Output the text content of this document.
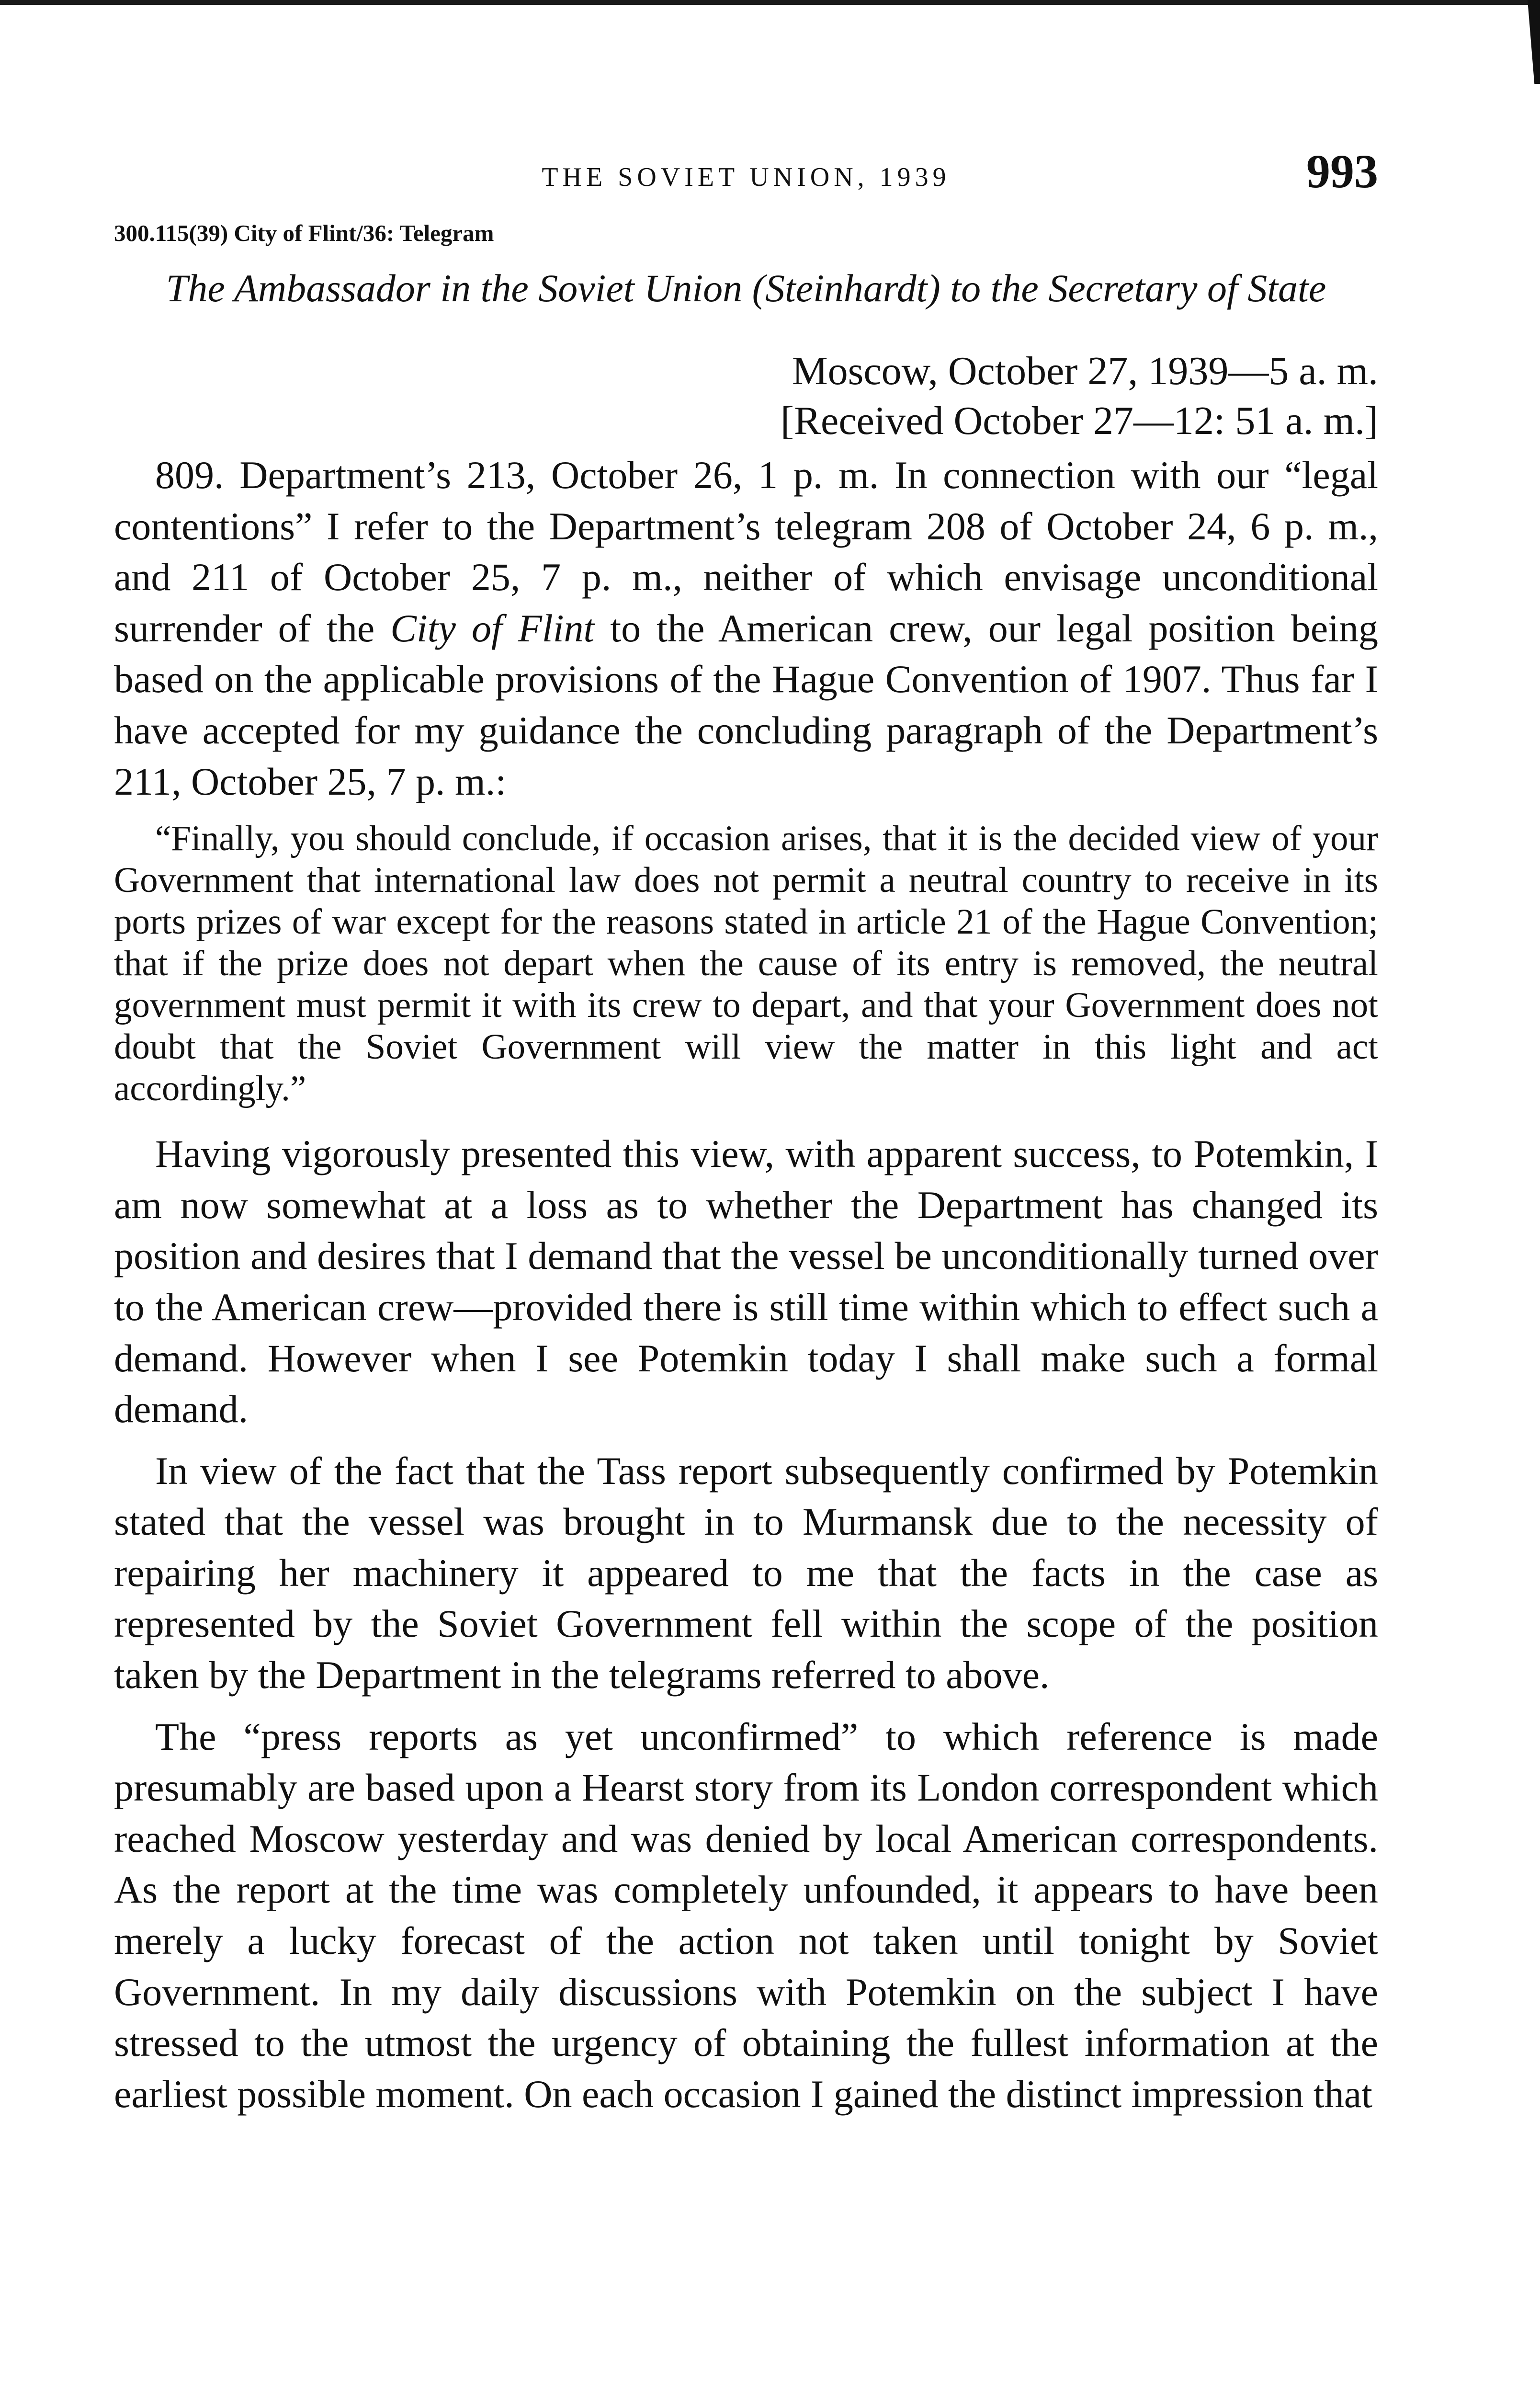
THE SOVIET UNION, 1939	993
300.115(39) City of Flint/36: Telegram
The Ambassador in the Soviet Union (Steinhardt) to the Secretary of State

Moscow, October 27, 1939—5 a. m.

[Received October 27—12: 51 a. m.]

809. Department’s 213, October 26, 1 p. m. In connection with our “legal contentions” I refer to the Department’s telegram 208 of October 24, 6 p. m., and 211 of October 25, 7 p. m., neither of which envisage unconditional surrender of the City of Flint to the American crew, our legal position being based on the applicable provisions of the Hague Convention of 1907. Thus far I have accepted for my guidance the concluding paragraph of the Department’s 211, October 25, 7 p. m.:

“Finally, you should conclude, if occasion arises, that it is the decided view of your Government that international law does not permit a neutral country to receive in its ports prizes of war except for the reasons stated in article 21 of the Hague Convention; that if the prize does not depart when the cause of its entry is removed, the neutral government must permit it with its crew to depart, and that your Government does not doubt that the Soviet Government will view the matter in this light and act accordingly.”

Having vigorously presented this view, with apparent success, to Potemkin, I am now somewhat at a loss as to whether the Department has changed its position and desires that I demand that the vessel be unconditionally turned over to the American crew—provided there is still time within which to effect such a demand. However when I see Potemkin today I shall make such a formal demand.

In view of the fact that the Tass report subsequently confirmed by Potemkin stated that the vessel was brought in to Murmansk due to the necessity of repairing her machinery it appeared to me that the facts in the case as represented by the Soviet Government fell within the scope of the position taken by the Department in the telegrams referred to above.

The “press reports as yet unconfirmed” to which reference is made presumably are based upon a Hearst story from its London correspondent which reached Moscow yesterday and was denied by local American correspondents. As the report at the time was completely unfounded, it appears to have been merely a lucky forecast of the action not taken until tonight by Soviet Government. In my daily discussions with Potemkin on the subject I have stressed to the utmost the urgency of obtaining the fullest information at the earliest possible moment. On each occasion I gained the distinct impression that
